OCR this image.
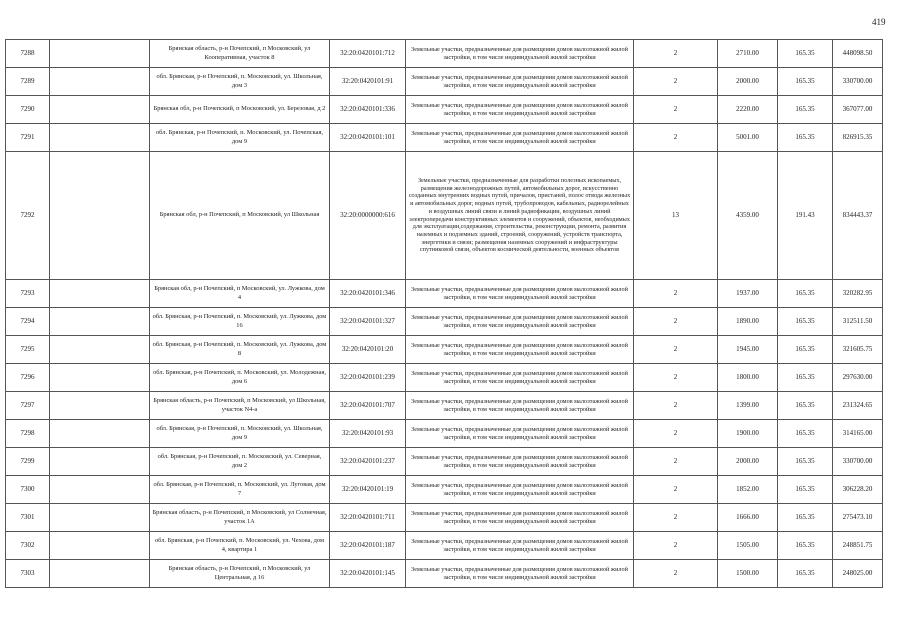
419
7288		Брянская область, р-н Почепский, п Московский, ул Кооперативная, участок 8	32:20:0420101:712	Земельные участки, предназначенные для размещения домов малоэтажной жилой застройки, в том числе индивидуальной жилой застройки	2	2710.00	165.35	448098.50
7289		обл. Брянская, р-н Почепский, п. Московский, ул. Школьная, дом 3	32:20:0420101:91	Земельные участки, предназначенные для размещения домов малоэтажной жилой застройки, в том числе индивидуальной жилой застройки	2	2000.00	165.35	330700.00
7290		Брянская обл, р-н Почепский, п Московский, ул. Березовая, д 2	32:20:0420101:336	Земельные участки, предназначенные для размещения домов малоэтажной жилой застройки, в том числе индивидуальной жилой застройки	2	2220.00	165.35	367077.00
7291		обл. Брянская, р-н Почепский, п. Московский, ул. Почепская, дом 9	32:20:0420101:101	Земельные участки, предназначенные для размещения домов малоэтажной жилой застройки, в том числе индивидуальной жилой застройки	2	5001.00	165.35	826915.35
7292		Брянская обл, р-н Почепский, п Московский, ул Школьная	32:20:0000000:616	Земельные участки, предназначенные для разработки полезных ископаемых, размещения железнодорожных путей, автомобильных дорог, искусственно созданных внутренних водных путей, причалов, пристаней, полос отвода железных и автомобильных дорог, водных путей, трубопроводов, кабельных, радиорелейных и воздушных линий связи и линий радиофикации, воздушных линий электропередачи конструктивных элементов и сооружений, объектов, необходимых для эксплуатации,содержания, строительства, реконструкции, ремонта, развития наземных и подземных зданий, строений, сооружений, устройств транспорта, энергетики и связи; размещения наземных сооружений и инфраструктуры спутниковой связи, объектов космической деятельности, военных объектов	13	4359.00	191.43	834443.37
7293		Брянская обл, р-н Почепский, п Московский, ул. Лужкова, дом 4	32:20:0420101:346	Земельные участки, предназначенные для размещения домов малоэтажной жилой застройки, в том числе индивидуальной жилой застройки	2	1937.00	165.35	320282.95
7294		обл. Брянская, р-н Почепский, п. Московский, ул. Лужкова, дом 16	32:20:0420101:327	Земельные участки, предназначенные для размещения домов малоэтажной жилой застройки, в том числе индивидуальной жилой застройки	2	1890.00	165.35	312511.50
7295		обл. Брянская, р-н Почепский, п. Московский, ул. Лужкова, дом 8	32:20:0420101:20	Земельные участки, предназначенные для размещения домов малоэтажной жилой застройки, в том числе индивидуальной жилой застройки	2	1945.00	165.35	321605.75
7296		обл. Брянская, р-н Почепский, п. Московский, ул. Молодежная, дом 6	32:20:0420101:239	Земельные участки, предназначенные для размещения домов малоэтажной жилой застройки, в том числе индивидуальной жилой застройки	2	1800.00	165.35	297630.00
7297		Брянская область, р-н Почепский, п Московский, ул Школьная, участок N4-а	32:20:0420101:707	Земельные участки, предназначенные для размещения домов малоэтажной жилой застройки, в том числе индивидуальной жилой застройки	2	1399.00	165.35	231324.65
7298		обл. Брянская, р-н Почепский, п. Московский, ул. Школьная, дом 9	32:20:0420101:93	Земельные участки, предназначенные для размещения домов малоэтажной жилой застройки, в том числе индивидуальной жилой застройки	2	1900.00	165.35	314165.00
7299		обл. Брянская, р-н Почепский, п. Московский, ул. Северная, дом 2	32:20:0420101:237	Земельные участки, предназначенные для размещения домов малоэтажной жилой застройки, в том числе индивидуальной жилой застройки	2	2000.00	165.35	330700.00
7300		обл. Брянская, р-н Почепский, п. Московский, ул. Луговая, дом 7	32:20:0420101:19	Земельные участки, предназначенные для размещения домов малоэтажной жилой застройки, в том числе индивидуальной жилой застройки	2	1852.00	165.35	306228.20
7301		Брянская область, р-н Почепский, п Московский, ул Солнечная, участок 1А	32:20:0420101:711	Земельные участки, предназначенные для размещения домов малоэтажной жилой застройки, в том числе индивидуальной жилой застройки	2	1666.00	165.35	275473.10
7302		обл. Брянская, р-н Почепский, п. Московский, ул. Чехова, дом 4, квартира 1	32:20:0420101:187	Земельные участки, предназначенные для размещения домов малоэтажной жилой застройки, в том числе индивидуальной жилой застройки	2	1505.00	165.35	248851.75
7303		Брянская область, р-н Почепский, п Московский, ул Центральная, д 16	32:20:0420101:145	Земельные участки, предназначенные для размещения домов малоэтажной жилой застройки, в том числе индивидуальной жилой застройки	2	1500.00	165.35	248025.00
